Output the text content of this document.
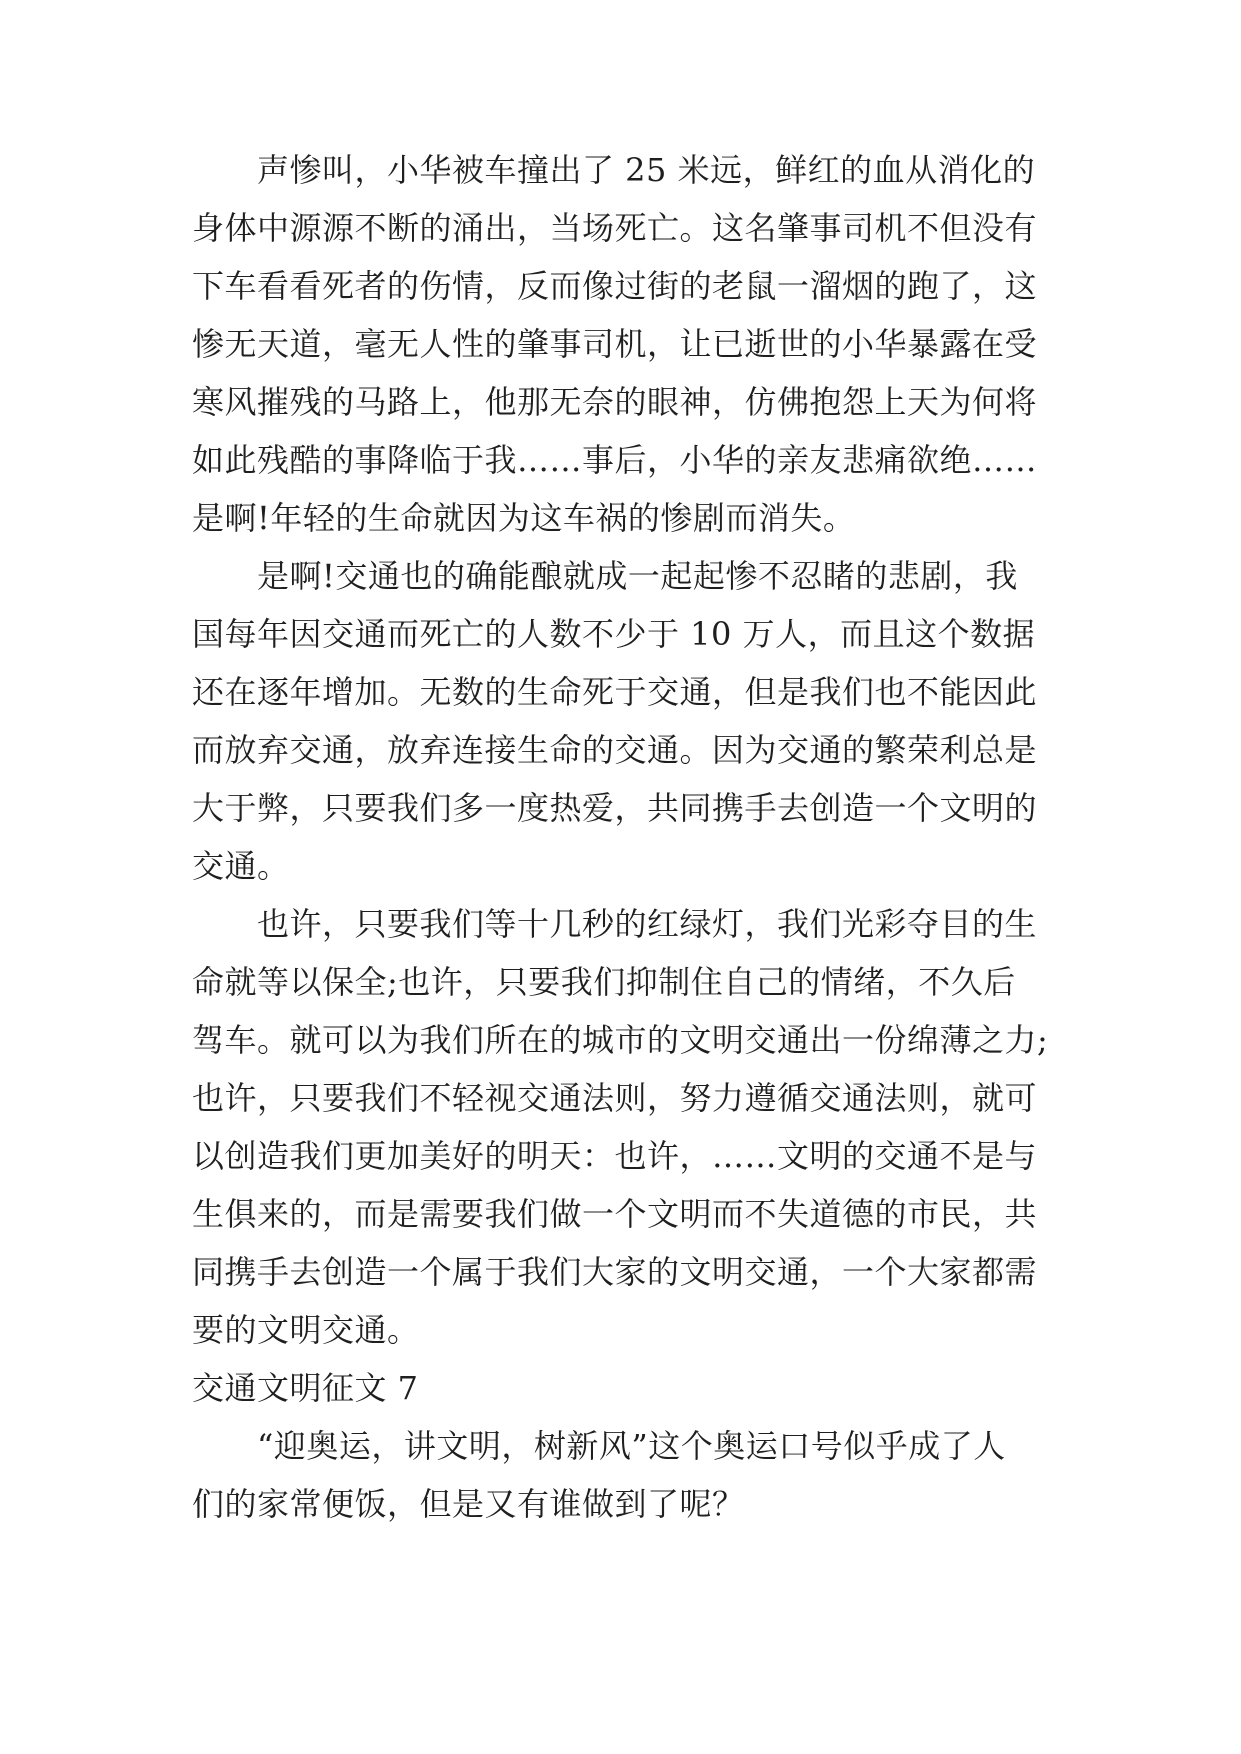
声惨叫，小华被车撞出了 25 米远，鲜红的血从消化的
身体中源源不断的涌出，当场死亡。这名肇事司机不但没有
下车看看死者的伤情，反而像过街的老鼠一溜烟的跑了，这
惨无天道，毫无人性的肇事司机，让已逝世的小华暴露在受
寒风摧残的马路上，他那无奈的眼神，仿佛抱怨上天为何将
如此残酷的事降临于我……事后，小华的亲友悲痛欲绝……
是啊!年轻的生命就因为这车祸的惨剧而消失。
是啊!交通也的确能酿就成一起起惨不忍睹的悲剧，我
国每年因交通而死亡的人数不少于 10 万人，而且这个数据
还在逐年增加。无数的生命死于交通，但是我们也不能因此
而放弃交通，放弃连接生命的交通。因为交通的繁荣利总是
大于弊，只要我们多一度热爱，共同携手去创造一个文明的
交通。
也许，只要我们等十几秒的红绿灯，我们光彩夺目的生
命就等以保全;也许，只要我们抑制住自己的情绪，不久后
驾车。就可以为我们所在的城市的文明交通出一份绵薄之力;
也许，只要我们不轻视交通法则，努力遵循交通法则，就可
以创造我们更加美好的明天：也许，……文明的交通不是与
生俱来的，而是需要我们做一个文明而不失道德的市民，共
同携手去创造一个属于我们大家的文明交通，一个大家都需
要的文明交通。
交通文明征文 7
“迎奥运，讲文明，树新风”这个奥运口号似乎成了人
们的家常便饭，但是又有谁做到了呢？
